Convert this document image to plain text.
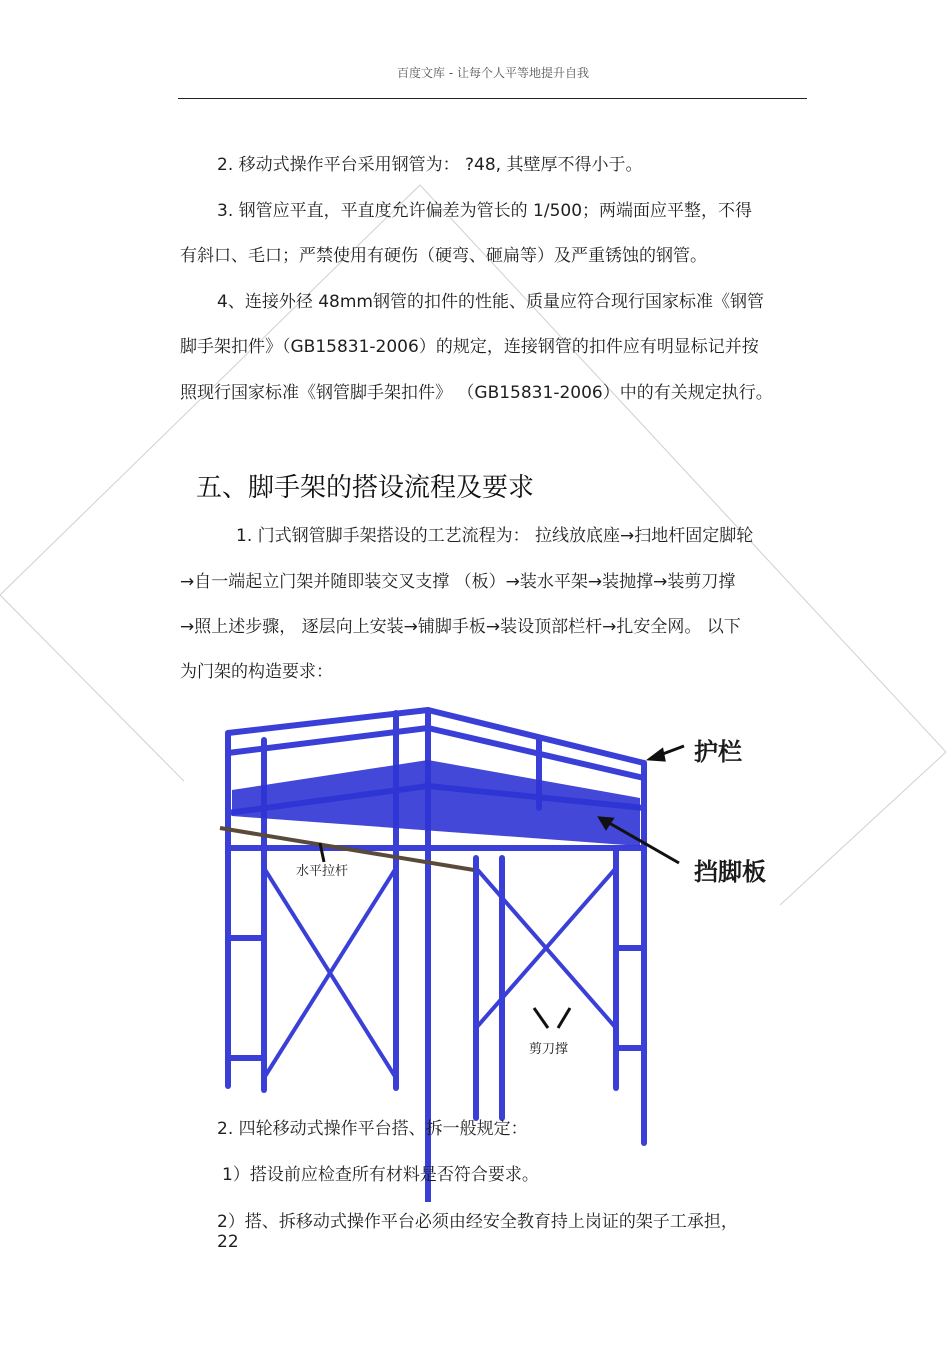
百度文库 - 让每个人平等地提升自我
2. 移动式操作平台采用钢管为： ?48, 其壁厚不得小于。
3. 钢管应平直，平直度允许偏差为管长的 1/500；两端面应平整，不得
有斜口、毛口；严禁使用有硬伤（硬弯、砸扁等）及严重锈蚀的钢管。
4、连接外径 48mm钢管的扣件的性能、质量应符合现行国家标准《钢管
脚手架扣件》（GB15831-2006）的规定，连接钢管的扣件应有明显标记并按
照现行国家标准《钢管脚手架扣件》 （GB15831-2006）中的有关规定执行。
五、脚手架的搭设流程及要求
1. 门式钢管脚手架搭设的工艺流程为： 拉线放底座→扫地杆固定脚轮
→自一端起立门架并随即装交叉支撑 （板）→装水平架→装抛撑→装剪刀撑
→照上述步骤， 逐层向上安装→铺脚手板→装设顶部栏杆→扎安全网。 以下
为门架的构造要求：
护栏
挡脚板
水平拉杆
剪刀撑
2. 四轮移动式操作平台搭、拆一般规定：
1）搭设前应检查所有材料是否符合要求。
2）搭、拆移动式操作平台必须由经安全教育持上岗证的架子工承担，
22
